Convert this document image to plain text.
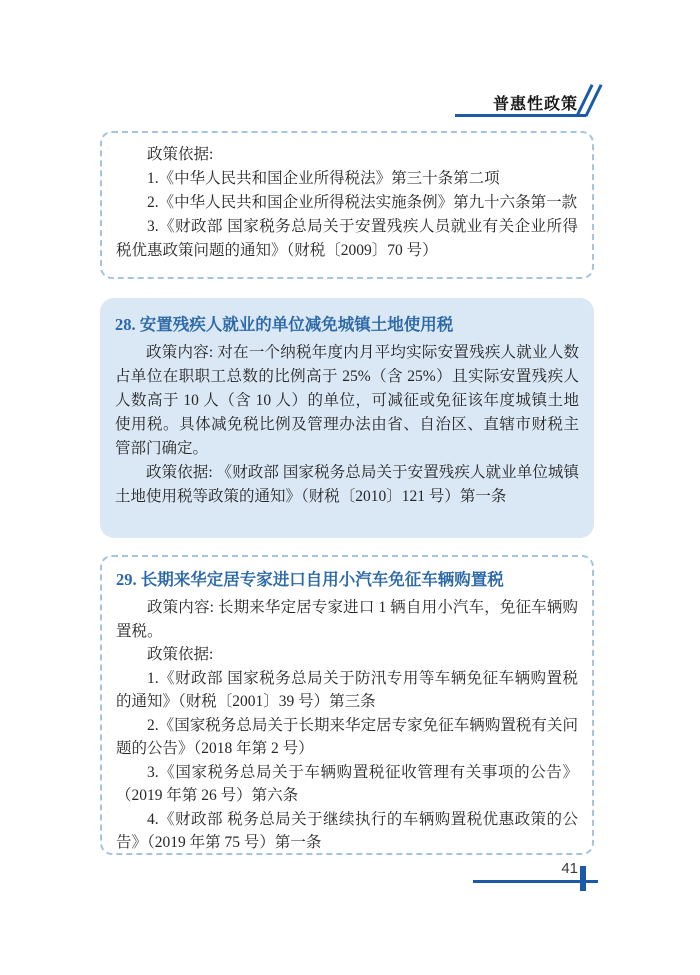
普惠性政策

政策依据:

1.《中华人民共和国企业所得税法》第三十条第二项

2.《中华人民共和国企业所得税法实施条例》第九十六条第一款

3.《财政部 国家税务总局关于安置残疾人员就业有关企业所得税优惠政策问题的通知》（财税〔2009〕70 号）

28. 安置残疾人就业的单位减免城镇土地使用税

政策内容: 对在一个纳税年度内月平均实际安置残疾人就业人数占单位在职职工总数的比例高于 25%（含 25%）且实际安置残疾人人数高于 10 人（含 10 人）的单位，可减征或免征该年度城镇土地使用税。具体减免税比例及管理办法由省、自治区、直辖市财税主管部门确定。

政策依据: 《财政部 国家税务总局关于安置残疾人就业单位城镇土地使用税等政策的通知》（财税〔2010〕121 号）第一条

29. 长期来华定居专家进口自用小汽车免征车辆购置税

政策内容: 长期来华定居专家进口 1 辆自用小汽车，免征车辆购置税。

政策依据:

1.《财政部 国家税务总局关于防汛专用等车辆免征车辆购置税的通知》（财税〔2001〕39 号）第三条

2.《国家税务总局关于长期来华定居专家免征车辆购置税有关问题的公告》（2018 年第 2 号）

3.《国家税务总局关于车辆购置税征收管理有关事项的公告》（2019 年第 26 号）第六条

4.《财政部 税务总局关于继续执行的车辆购置税优惠政策的公告》（2019 年第 75 号）第一条

41
